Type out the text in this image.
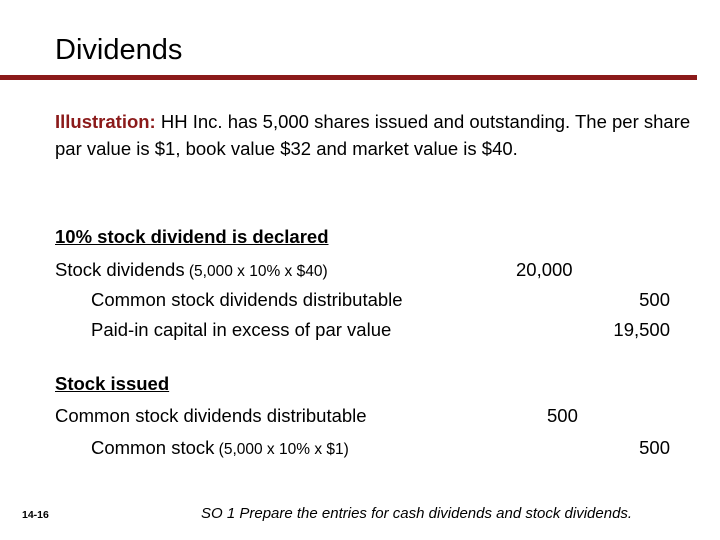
Dividends
Illustration: HH Inc. has 5,000 shares issued and outstanding. The per share par value is $1, book value $32 and market value is $40.
10% stock dividend is declared
Stock dividends (5,000 x 10% x $40)	20,000
Common stock dividends distributable	500
Paid-in capital in excess of par value	19,500
Stock issued
Common stock dividends distributable	500
Common stock (5,000 x 10% x $1)	500
14-16	SO 1 Prepare the entries for cash dividends and stock dividends.
